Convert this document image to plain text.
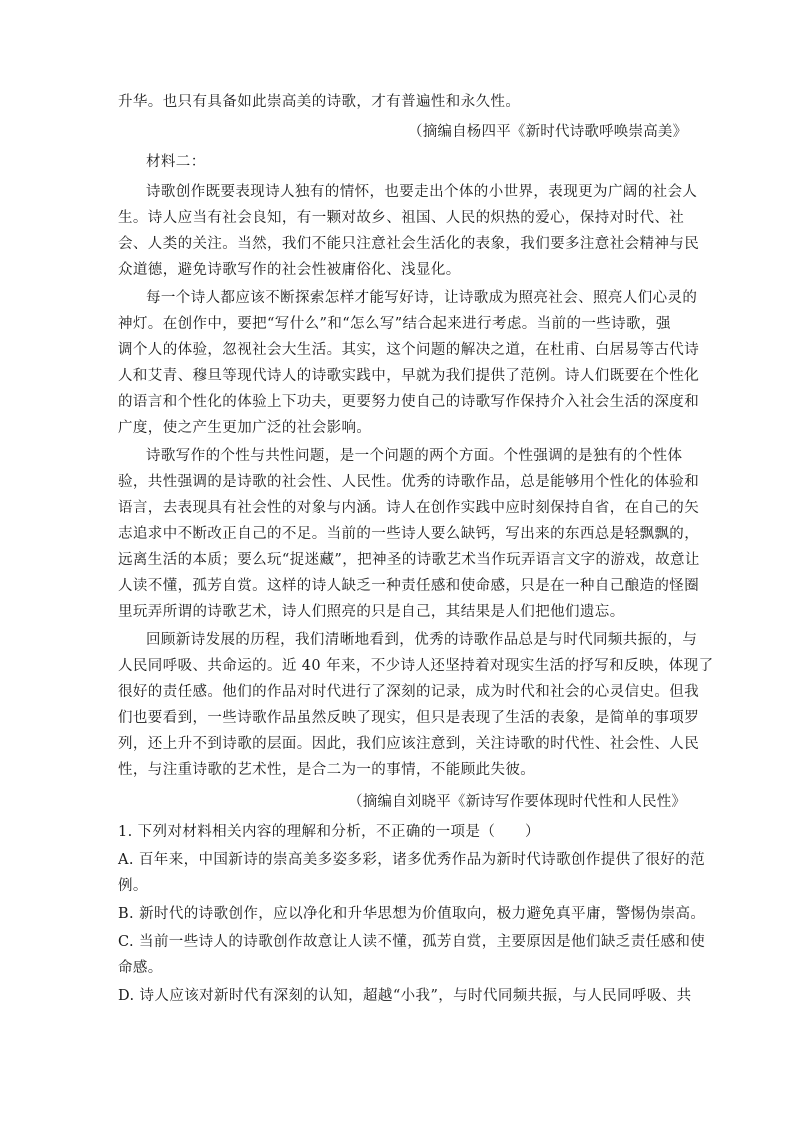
升华。也只有具备如此崇高美的诗歌，才有普遍性和永久性。
（摘编自杨四平《新时代诗歌呼唤崇高美》
材料二：
诗歌创作既要表现诗人独有的情怀，也要走出个体的小世界，表现更为广阔的社会人
生。诗人应当有社会良知，有一颗对故乡、祖国、人民的炽热的爱心，保持对时代、社
会、人类的关注。当然，我们不能只注意社会生活化的表象，我们要多注意社会精神与民
众道德，避免诗歌写作的社会性被庸俗化、浅显化。
每一个诗人都应该不断探索怎样才能写好诗，让诗歌成为照亮社会、照亮人们心灵的
神灯。在创作中，要把“写什么”和“怎么写”结合起来进行考虑。当前的一些诗歌，强
调个人的体验，忽视社会大生活。其实，这个问题的解决之道，在杜甫、白居易等古代诗
人和艾青、穆旦等现代诗人的诗歌实践中，早就为我们提供了范例。诗人们既要在个性化
的语言和个性化的体验上下功夫，更要努力使自己的诗歌写作保持介入社会生活的深度和
广度，使之产生更加广泛的社会影响。
诗歌写作的个性与共性问题，是一个问题的两个方面。个性强调的是独有的个性体
验，共性强调的是诗歌的社会性、人民性。优秀的诗歌作品，总是能够用个性化的体验和
语言，去表现具有社会性的对象与内涵。诗人在创作实践中应时刻保持自省，在自己的矢
志追求中不断改正自己的不足。当前的一些诗人要么缺钙，写出来的东西总是轻飘飘的，
远离生活的本质；要么玩“捉迷藏”，把神圣的诗歌艺术当作玩弄语言文字的游戏，故意让
人读不懂，孤芳自赏。这样的诗人缺乏一种责任感和使命感，只是在一种自己酿造的怪圈
里玩弄所谓的诗歌艺术，诗人们照亮的只是自己，其结果是人们把他们遗忘。
回顾新诗发展的历程，我们清晰地看到，优秀的诗歌作品总是与时代同频共振的，与
人民同呼吸、共命运的。近 40 年来，不少诗人还坚持着对现实生活的抒写和反映，体现了
很好的责任感。他们的作品对时代进行了深刻的记录，成为时代和社会的心灵信史。但我
们也要看到，一些诗歌作品虽然反映了现实，但只是表现了生活的表象，是简单的事项罗
列，还上升不到诗歌的层面。因此，我们应该注意到，关注诗歌的时代性、社会性、人民
性，与注重诗歌的艺术性，是合二为一的事情，不能顾此失彼。
（摘编自刘晓平《新诗写作要体现时代性和人民性》
1. 下列对材料相关内容的理解和分析，不正确的一项是（　　）
A. 百年来，中国新诗的崇高美多姿多彩，诸多优秀作品为新时代诗歌创作提供了很好的范
例。
B. 新时代的诗歌创作，应以净化和升华思想为价值取向，极力避免真平庸，警惕伪崇高。
C. 当前一些诗人的诗歌创作故意让人读不懂，孤芳自赏，主要原因是他们缺乏责任感和使
命感。
D. 诗人应该对新时代有深刻的认知，超越“小我”，与时代同频共振，与人民同呼吸、共
